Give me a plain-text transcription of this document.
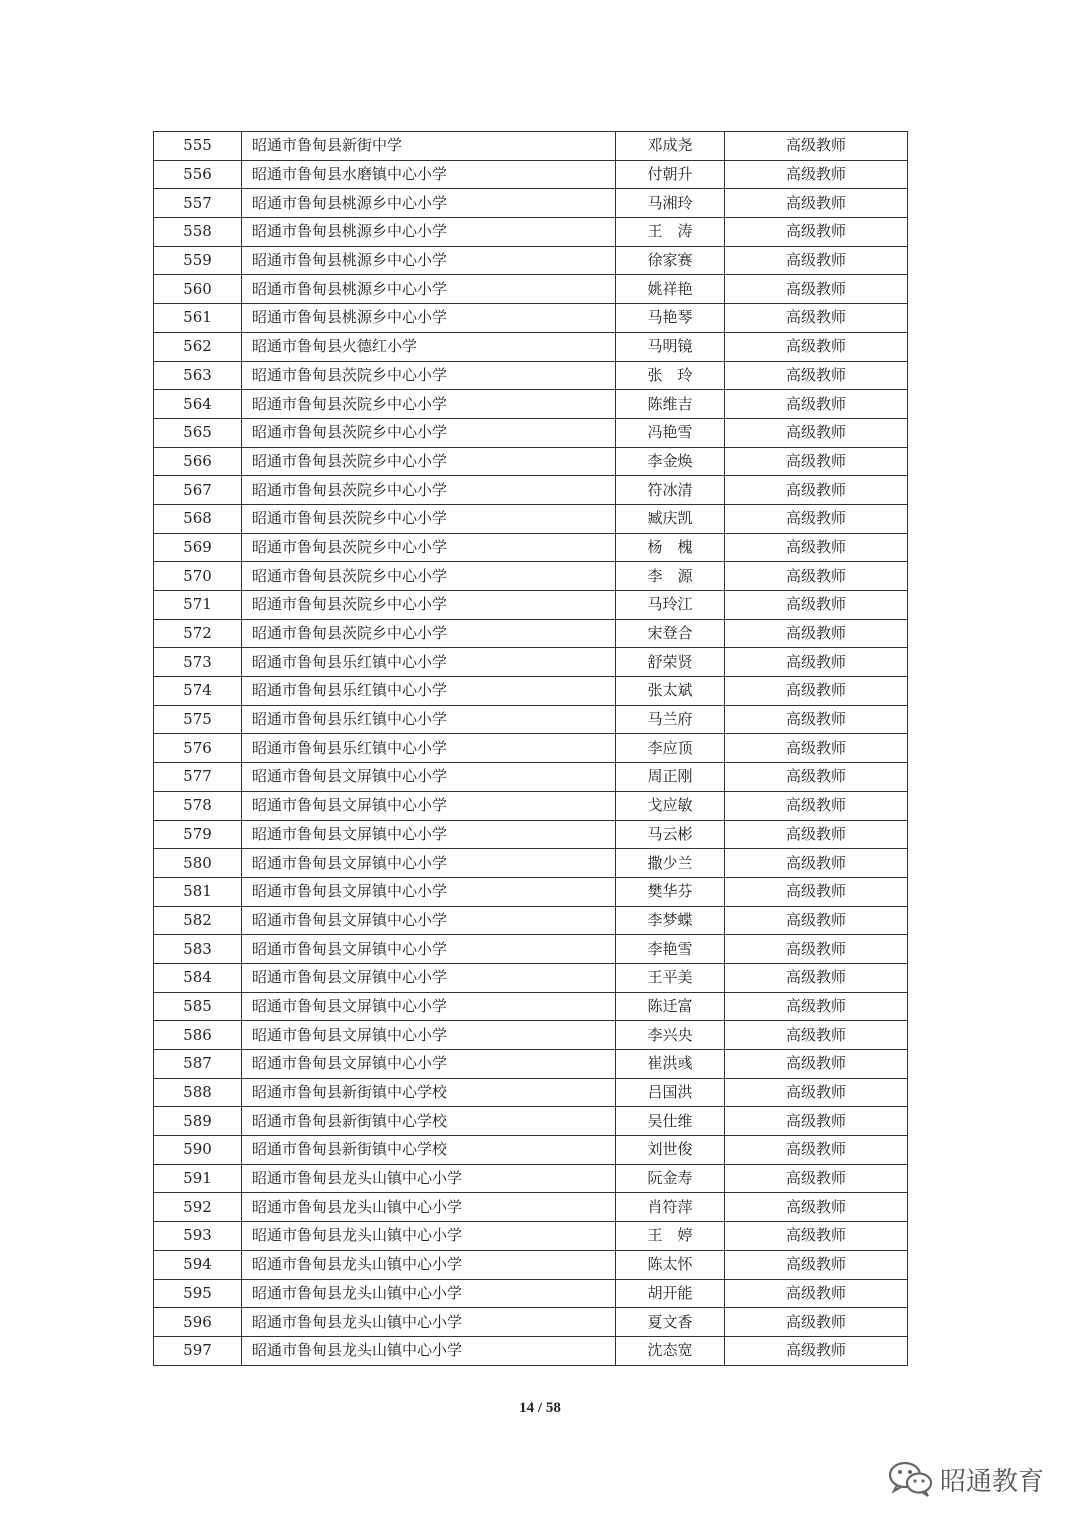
555	昭通市鲁甸县新街中学	邓成尧	高级教师
556	昭通市鲁甸县水磨镇中心小学	付朝升	高级教师
557	昭通市鲁甸县桃源乡中心小学	马湘玲	高级教师
558	昭通市鲁甸县桃源乡中心小学	王　涛	高级教师
559	昭通市鲁甸县桃源乡中心小学	徐家赛	高级教师
560	昭通市鲁甸县桃源乡中心小学	姚祥艳	高级教师
561	昭通市鲁甸县桃源乡中心小学	马艳琴	高级教师
562	昭通市鲁甸县火德红小学	马明镜	高级教师
563	昭通市鲁甸县茨院乡中心小学	张　玲	高级教师
564	昭通市鲁甸县茨院乡中心小学	陈维吉	高级教师
565	昭通市鲁甸县茨院乡中心小学	冯艳雪	高级教师
566	昭通市鲁甸县茨院乡中心小学	李金焕	高级教师
567	昭通市鲁甸县茨院乡中心小学	符冰清	高级教师
568	昭通市鲁甸县茨院乡中心小学	臧庆凯	高级教师
569	昭通市鲁甸县茨院乡中心小学	杨　槐	高级教师
570	昭通市鲁甸县茨院乡中心小学	李　源	高级教师
571	昭通市鲁甸县茨院乡中心小学	马玲江	高级教师
572	昭通市鲁甸县茨院乡中心小学	宋登合	高级教师
573	昭通市鲁甸县乐红镇中心小学	舒荣贤	高级教师
574	昭通市鲁甸县乐红镇中心小学	张太斌	高级教师
575	昭通市鲁甸县乐红镇中心小学	马兰府	高级教师
576	昭通市鲁甸县乐红镇中心小学	李应顶	高级教师
577	昭通市鲁甸县文屏镇中心小学	周正刚	高级教师
578	昭通市鲁甸县文屏镇中心小学	戈应敏	高级教师
579	昭通市鲁甸县文屏镇中心小学	马云彬	高级教师
580	昭通市鲁甸县文屏镇中心小学	撒少兰	高级教师
581	昭通市鲁甸县文屏镇中心小学	樊华芬	高级教师
582	昭通市鲁甸县文屏镇中心小学	李梦蝶	高级教师
583	昭通市鲁甸县文屏镇中心小学	李艳雪	高级教师
584	昭通市鲁甸县文屏镇中心小学	王平美	高级教师
585	昭通市鲁甸县文屏镇中心小学	陈迁富	高级教师
586	昭通市鲁甸县文屏镇中心小学	李兴央	高级教师
587	昭通市鲁甸县文屏镇中心小学	崔洪彧	高级教师
588	昭通市鲁甸县新街镇中心学校	吕国洪	高级教师
589	昭通市鲁甸县新街镇中心学校	吴仕维	高级教师
590	昭通市鲁甸县新街镇中心学校	刘世俊	高级教师
591	昭通市鲁甸县龙头山镇中心小学	阮金寿	高级教师
592	昭通市鲁甸县龙头山镇中心小学	肖符萍	高级教师
593	昭通市鲁甸县龙头山镇中心小学	王　婷	高级教师
594	昭通市鲁甸县龙头山镇中心小学	陈太怀	高级教师
595	昭通市鲁甸县龙头山镇中心小学	胡开能	高级教师
596	昭通市鲁甸县龙头山镇中心小学	夏文香	高级教师
597	昭通市鲁甸县龙头山镇中心小学	沈态宽	高级教师
14 / 58
昭通教育
